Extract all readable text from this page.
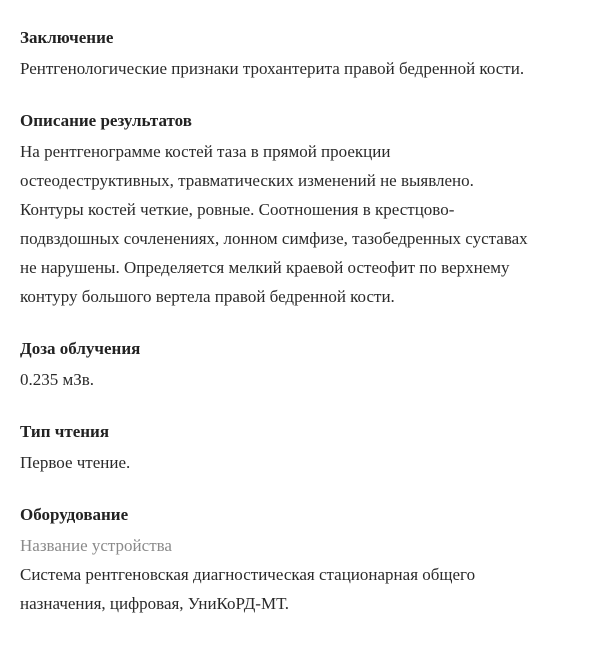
Заключение
Рентгенологические признаки трохантерита правой бедренной кости.
Описание результатов
На рентгенограмме костей таза в прямой проекции
остеодеструктивных, травматических изменений не выявлено.
Контуры костей четкие, ровные. Соотношения в крестцово-
подвздошных сочленениях, лонном симфизе, тазобедренных суставах
не нарушены. Определяется мелкий краевой остеофит по верхнему
контуру большого вертела правой бедренной кости.
Доза облучения
0.235 мЗв.
Тип чтения
Первое чтение.
Оборудование
Название устройства
Система рентгеновская диагностическая стационарная общего
назначения, цифровая, УниКоРД-МТ.
